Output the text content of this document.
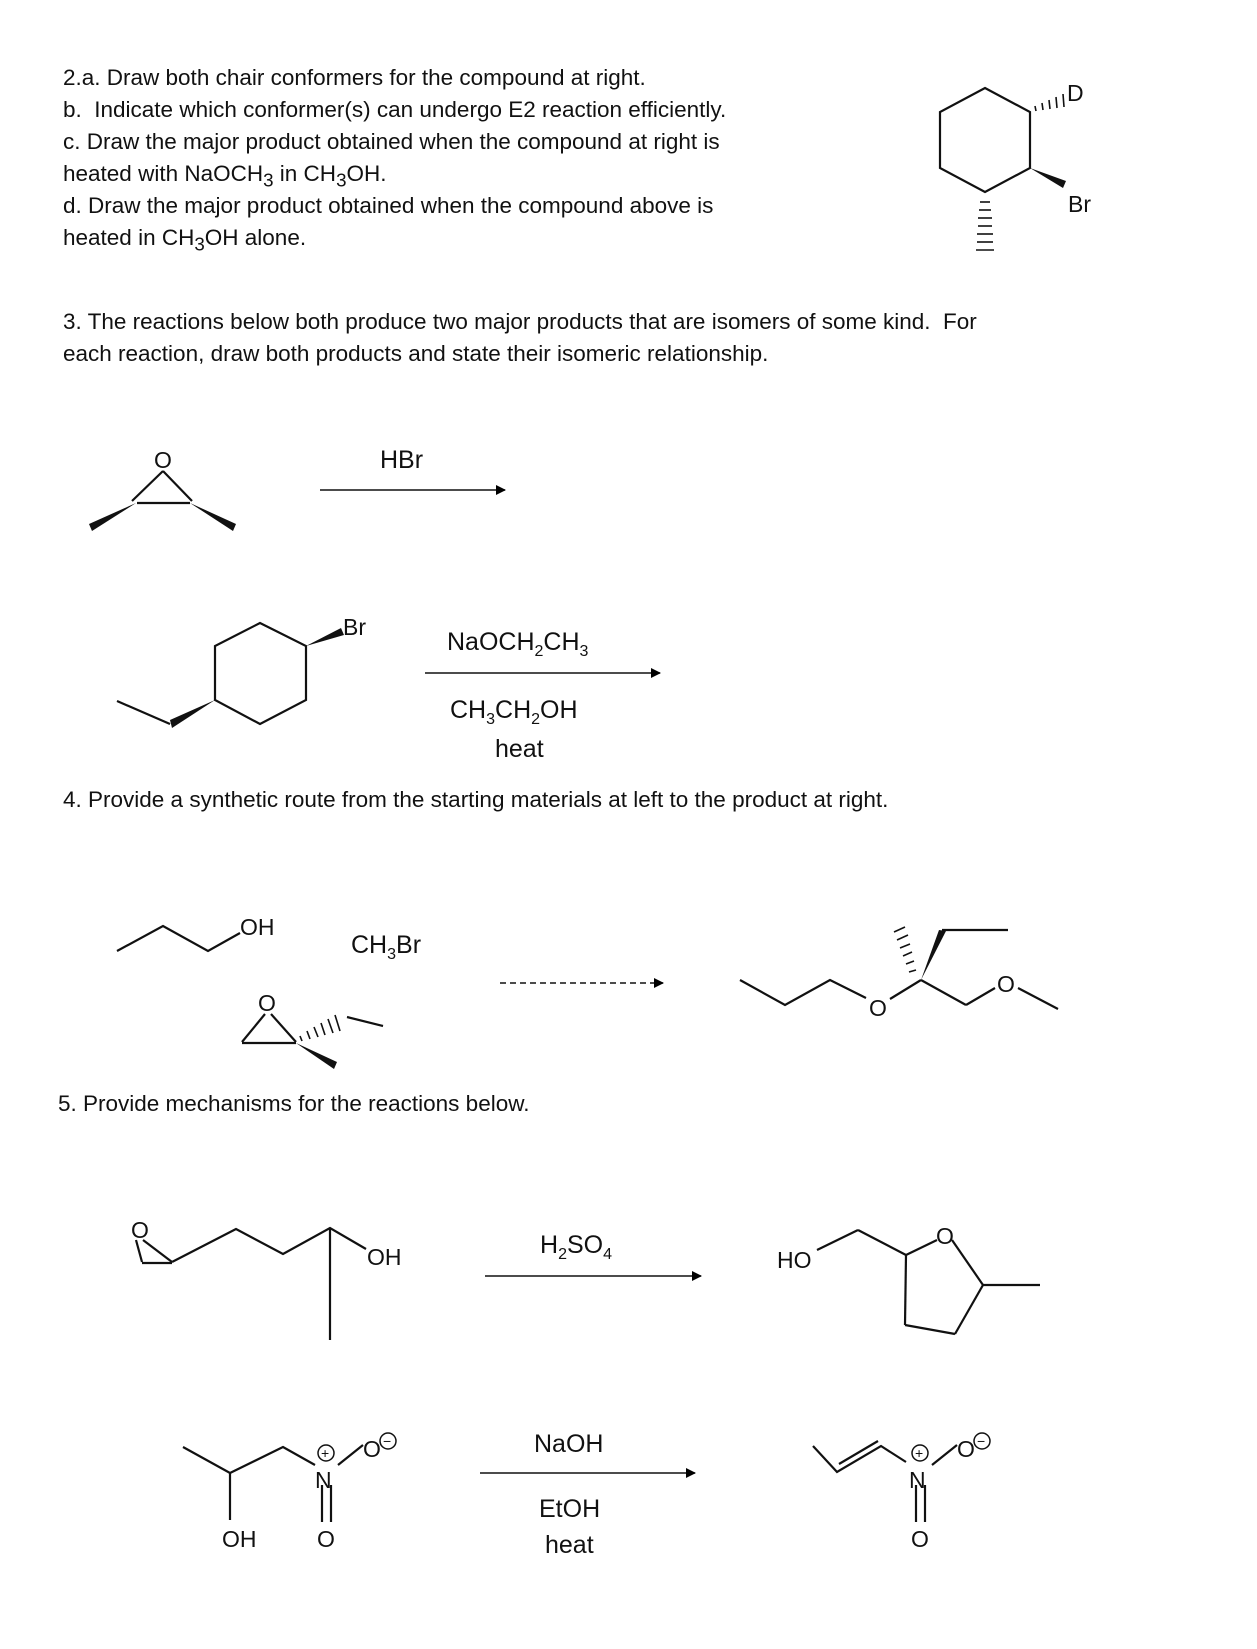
2.a. Draw both chair conformers for the compound at right.
b.  Indicate which conformer(s) can undergo E2 reaction efficiently.
c. Draw the major product obtained when the compound at right is
heated with NaOCH$_3$ in $CH_3OH$.
d. Draw the major product obtained when the compound above is
heated in $CH_3OH$ alone.
3. The reactions below both produce two major products that are isomers of some kind.  For
each reaction, draw both products and state their isomeric relationship.
4. Provide a synthetic route from the starting materials at left to the product at right.
5. Provide mechanisms for the reactions below.
D
Br
O	HBr
Br
$NaOCH_2CH_3$
$CH_3CH_2OH$
heat
OH
$CH_3Br$
O	O
O
O
OH	$H_2SO_4$	HO
O
N
O
O
OH
+
−	NaOH
EtOH
heat
N
O
O
+
−
